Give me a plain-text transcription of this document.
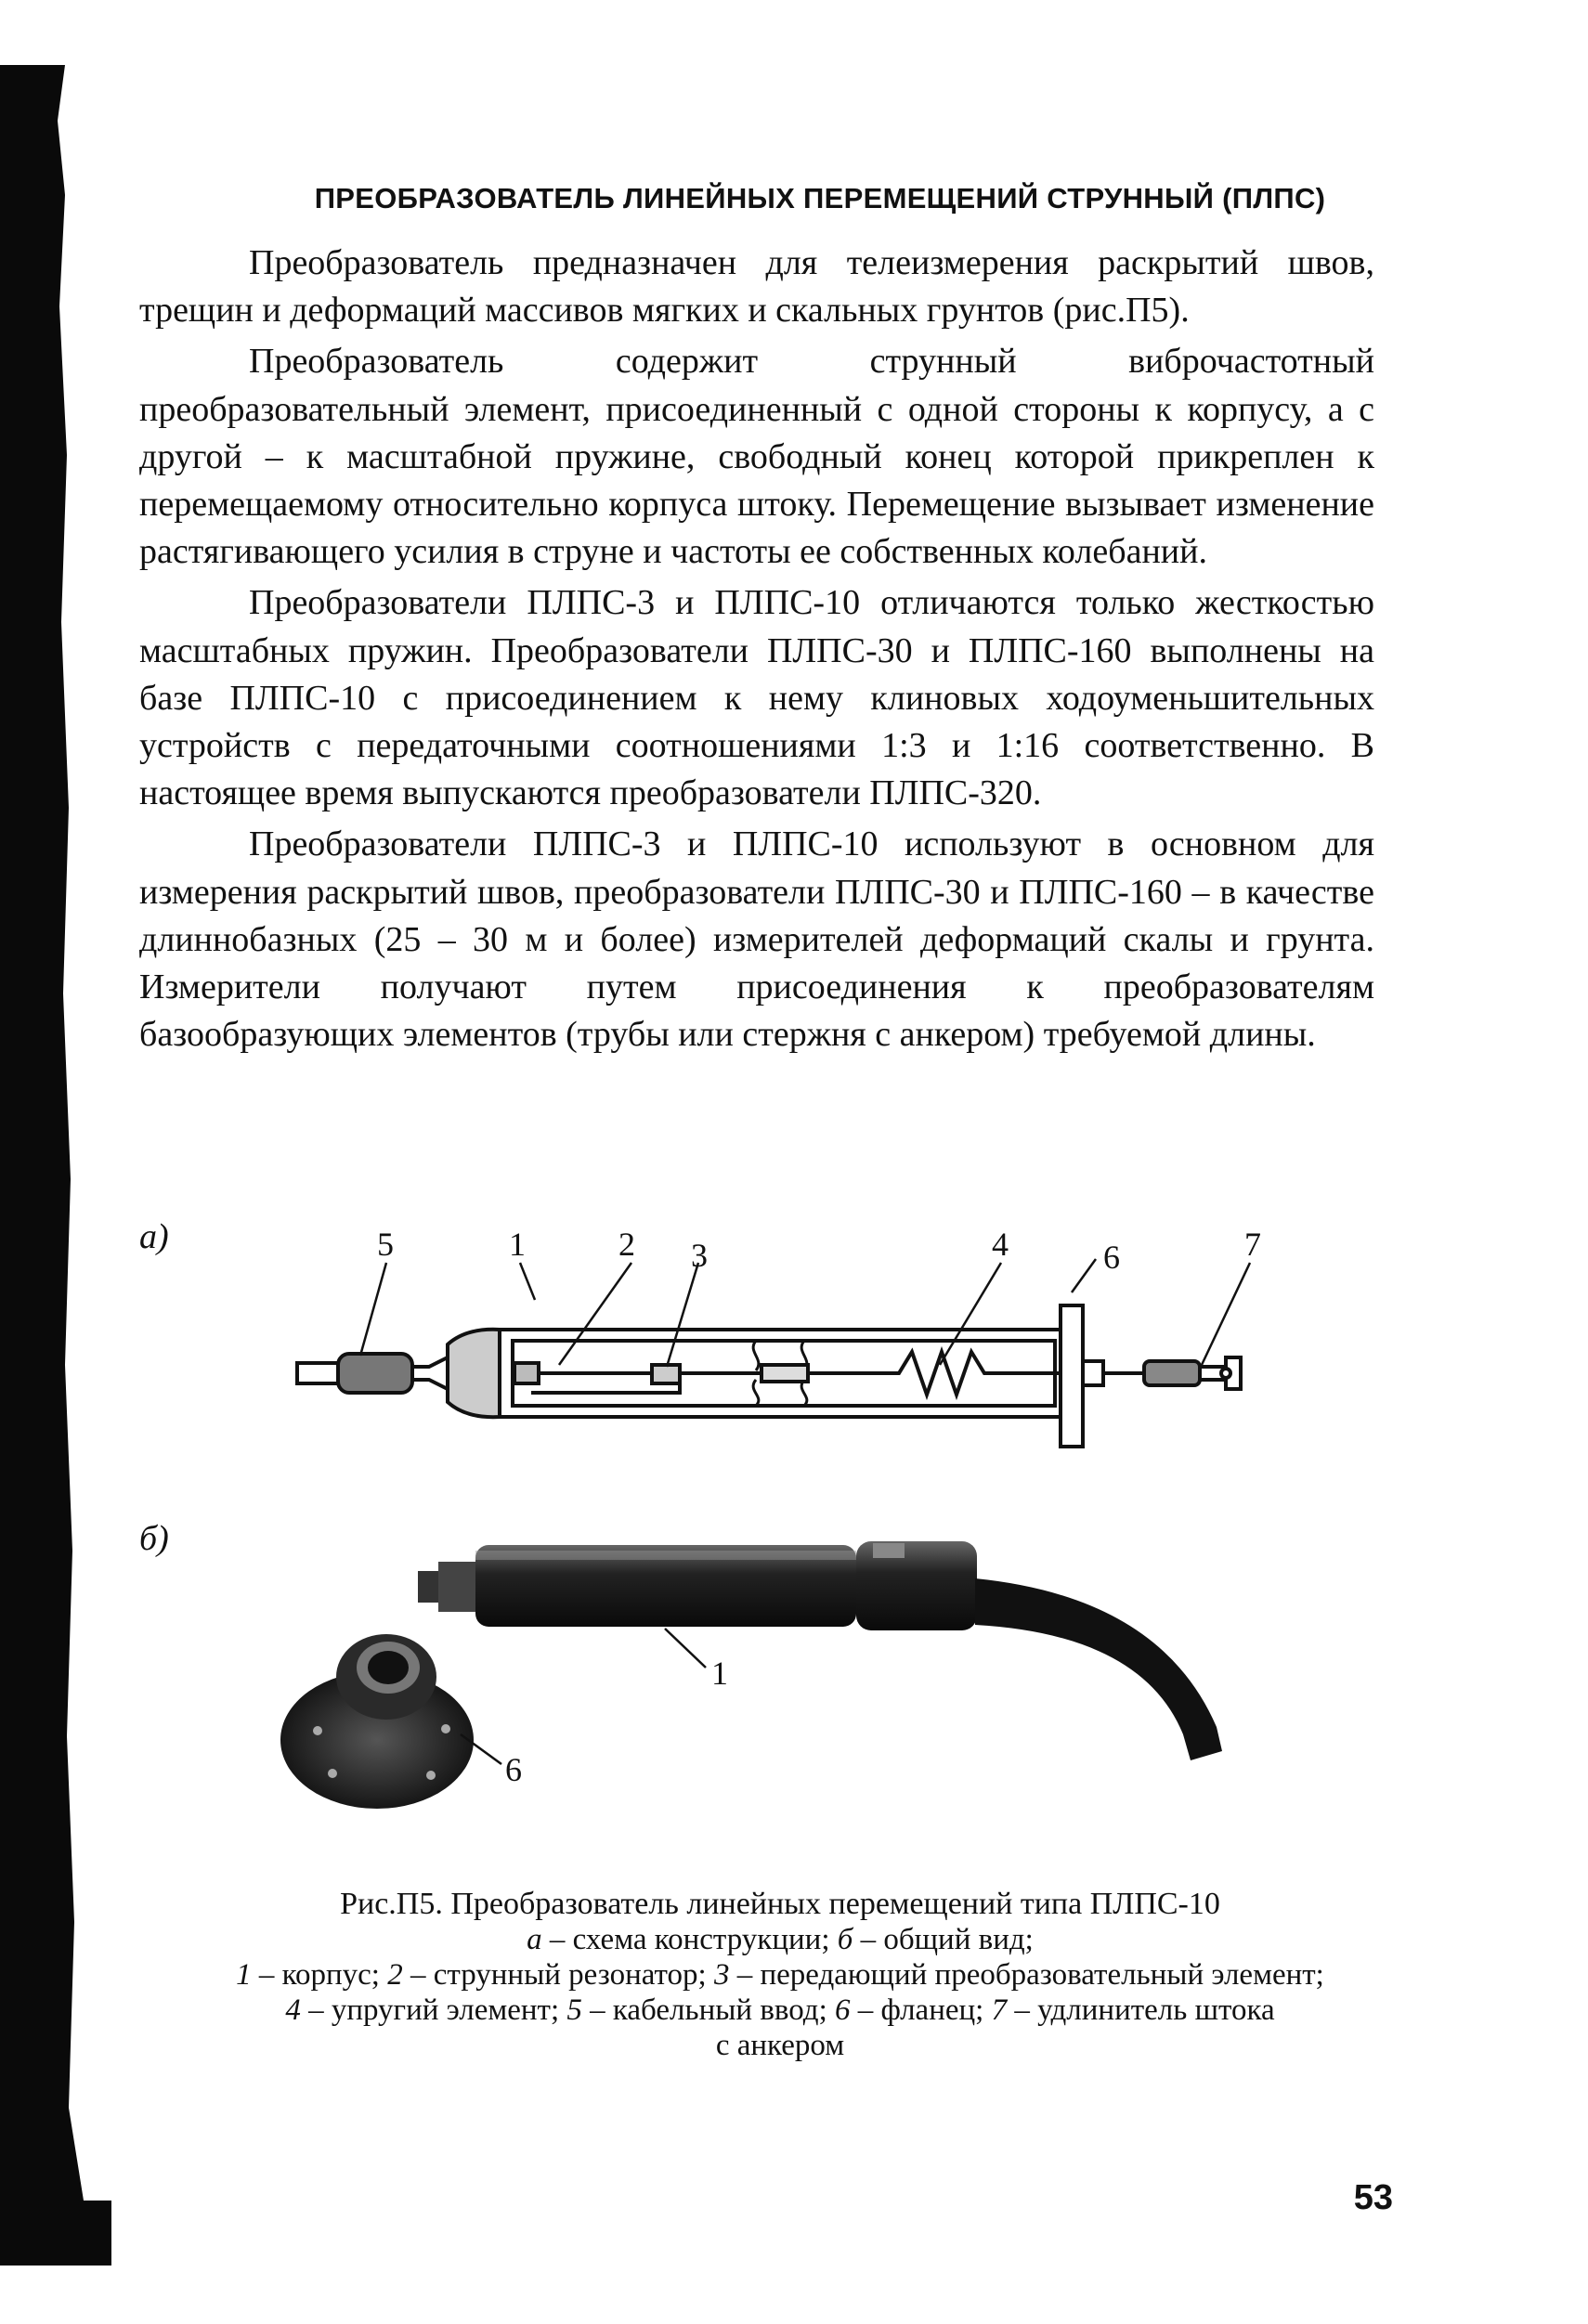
ПРЕОБРАЗОВАТЕЛЬ ЛИНЕЙНЫХ ПЕРЕМЕЩЕНИЙ СТРУННЫЙ (ПЛПС)

Преобразователь предназначен для телеизмерения раскрытий швов, трещин и деформаций массивов мягких и скальных грунтов (рис.П5).

Преобразователь содержит струнный виброчастотный преобразовательный элемент, присоединенный с одной стороны к корпусу, а с другой – к масштабной пружине, свободный конец которой прикреплен к перемещаемому относительно корпуса штоку. Перемещение вызывает изменение растягивающего усилия в струне и частоты ее собственных колебаний.

Преобразователи ПЛПС-3 и ПЛПС-10 отличаются только жесткостью масштабных пружин. Преобразователи ПЛПС-30 и ПЛПС-160 выполнены на базе ПЛПС-10 с присоединением к нему клиновых ходоуменьшительных устройств с передаточными соотношениями 1:3 и 1:16 соответственно. В настоящее время выпускаются преобразователи ПЛПС-320.

Преобразователи ПЛПС-3 и ПЛПС-10 используют в основном для измерения раскрытий швов, преобразователи ПЛПС-30 и ПЛПС-160 – в качестве длиннобазных (25 – 30 м и более) измерителей деформаций скалы и грунта. Измерители получают путем присоединения к преобразователям базообразующих элементов (трубы или стержня с анкером) требуемой длины.

а)
б)
5	1	2 3	4	6	7
1
6
Рис.П5. Преобразователь линейных перемещений типа ПЛПС-10
а – схема конструкции; б – общий вид;
1 – корпус; 2 – струнный резонатор; 3 – передающий преобразовательный элемент;
4 – упругий элемент; 5 – кабельный ввод; 6 – фланец; 7 – удлинитель штока
с анкером
53
